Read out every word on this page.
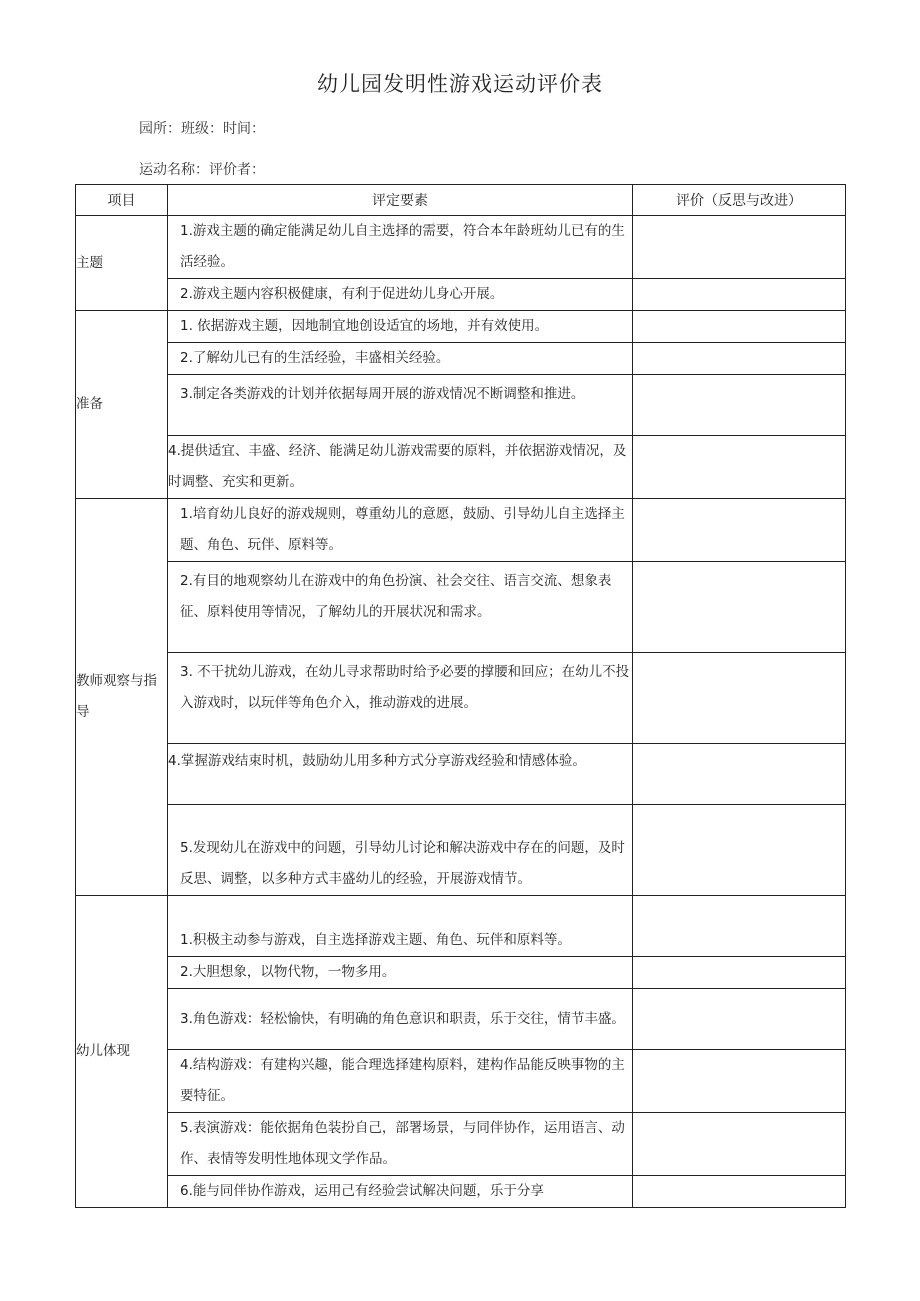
幼儿园发明性游戏运动评价表
园所：班级：时间：
运动名称：评价者：
项目	评定要素	评价（反思与改进）
主题	1.游戏主题的确定能满足幼儿自主选择的需要，符合本年龄班幼儿已有的生活经验。	

	2.游戏主题内容积极健康，有利于促进幼儿身心开展。	

准备	1. 依据游戏主题，因地制宜地创设适宜的场地，并有效使用。	

	2.了解幼儿已有的生活经验，丰盛相关经验。	

	3.制定各类游戏的计划并依据每周开展的游戏情况不断调整和推进。	

	4.提供适宜、丰盛、经济、能满足幼儿游戏需要的原料，并依据游戏情况，及时调整、充实和更新。	

教师观察与指导	1.培育幼儿良好的游戏规则，尊重幼儿的意愿，鼓励、引导幼儿自主选择主题、角色、玩伴、原料等。	

	2.有目的地观察幼儿在游戏中的角色扮演、社会交往、语言交流、想象表征、原料使用等情况，了解幼儿的开展状况和需求。	

	3. 不干扰幼儿游戏，在幼儿寻求帮助时给予必要的撑腰和回应；在幼儿不投入游戏时，以玩伴等角色介入，推动游戏的进展。	

	4.掌握游戏结束时机，鼓励幼儿用多种方式分享游戏经验和情感体验。	

	5.发现幼儿在游戏中的问题，引导幼儿讨论和解决游戏中存在的问题，及时反思、调整，以多种方式丰盛幼儿的经验，开展游戏情节。	

幼儿体现	1.积极主动参与游戏，自主选择游戏主题、角色、玩伴和原料等。	

	2.大胆想象，以物代物，一物多用。	

	3.角色游戏：轻松愉快，有明确的角色意识和职责，乐于交往，情节丰盛。	

	4.结构游戏：有建构兴趣，能合理选择建构原料，建构作品能反映事物的主要特征。	

	5.表演游戏：能依据角色装扮自己，部署场景，与同伴协作，运用语言、动作、表情等发明性地体现文学作品。	

	6.能与同伴协作游戏，运用己有经验尝试解决问题，乐于分享	
